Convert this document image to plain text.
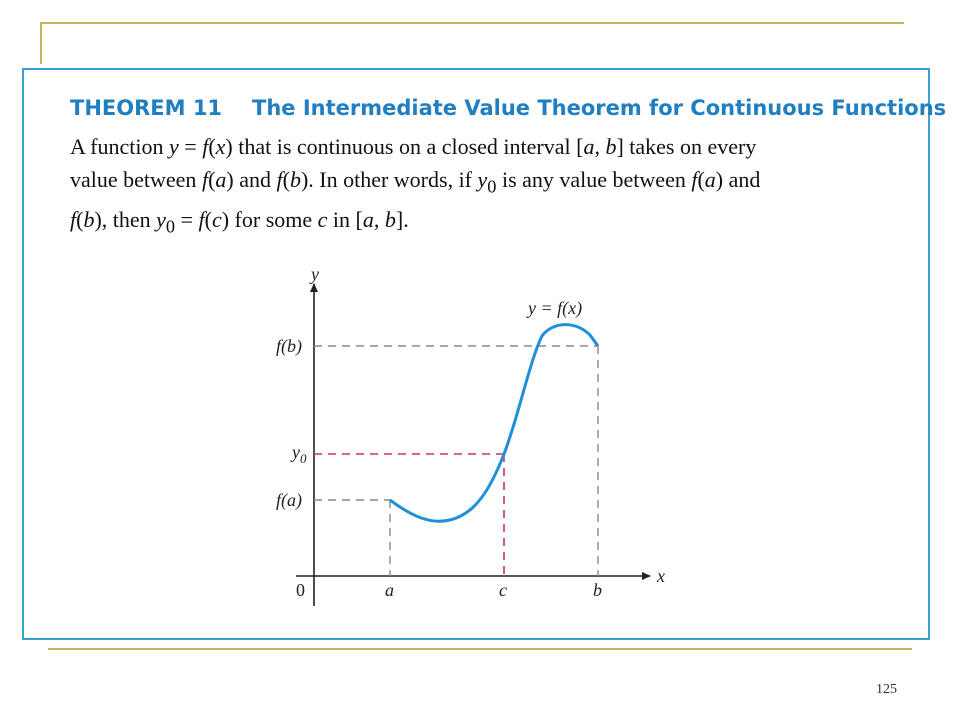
THEOREM 11 The Intermediate Value Theorem for Continuous Functions
A function y = f(x) that is continuous on a closed interval [a, b] takes on every
value between f(a) and f(b). In other words, if $y_0$ is any value between f(a) and
f(b), then $y_0 = f(c)$ for some c in [a, b].
y
x
0	a	c	b
f(b)
$y_0$
f(a)
y = f(x)
125
